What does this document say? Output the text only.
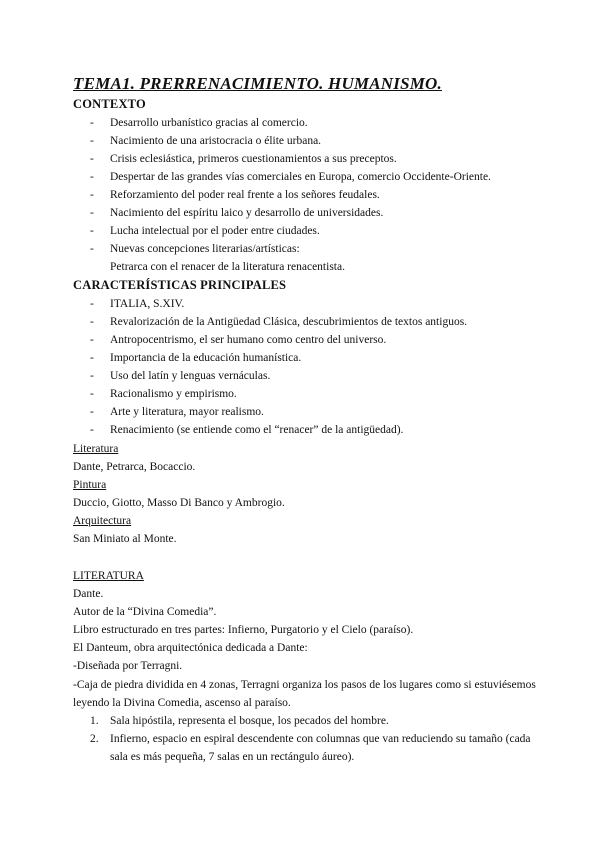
TEMA1. PRERRENACIMIENTO. HUMANISMO.
CONTEXTO
- Desarrollo urbanístico gracias al comercio.

- Nacimiento de una aristocracia o élite urbana.

- Crisis eclesiástica, primeros cuestionamientos a sus preceptos.

- Despertar de las grandes vías comerciales en Europa, comercio Occidente-Oriente.

- Reforzamiento del poder real frente a los señores feudales.

- Nacimiento del espíritu laico y desarrollo de universidades.

- Lucha intelectual por el poder entre ciudades.

- Nuevas concepciones literarias/artísticas:

Petrarca con el renacer de la literatura renacentista.

CARACTERÍSTICAS PRINCIPALES
- ITALIA, S.XIV.

- Revalorización de la Antigüedad Clásica, descubrimientos de textos antiguos.

- Antropocentrismo, el ser humano como centro del universo.

- Importancia de la educación humanística.

- Uso del latín y lenguas vernáculas.

- Racionalismo y empirismo.

- Arte y literatura, mayor realismo.

- Renacimiento (se entiende como el “renacer” de la antigüedad).

Literatura

Dante, Petrarca, Bocaccio.

Pintura

Duccio, Giotto, Masso Di Banco y Ambrogio.

Arquitectura

San Miniato al Monte.

LITERATURA

Dante.

Autor de la “Divina Comedia”.

Libro estructurado en tres partes: Infierno, Purgatorio y el Cielo (paraíso).

El Danteum, obra arquitectónica dedicada a Dante:

-Diseñada por Terragni.

-Caja de piedra dividida en 4 zonas, Terragni organiza los pasos de los lugares como si estuviésemos

leyendo la Divina Comedia, ascenso al paraíso.

1. Sala hipóstila, representa el bosque, los pecados del hombre.

2. Infierno, espacio en espiral descendente con columnas que van reduciendo su tamaño (cada

sala es más pequeña, 7 salas en un rectángulo áureo).
